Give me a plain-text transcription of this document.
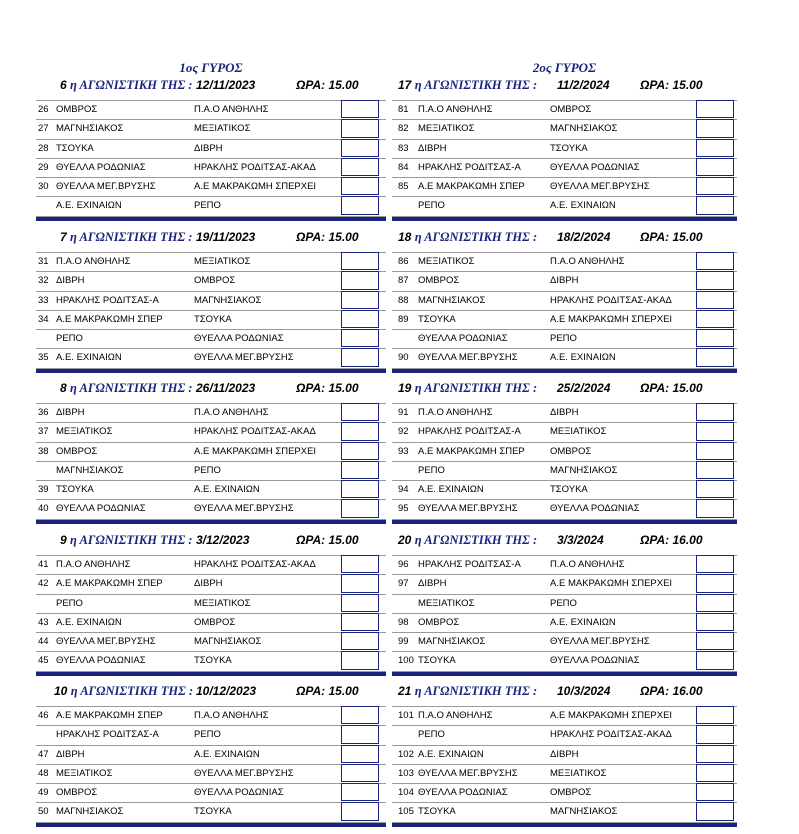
1ος ΓΥΡΟΣ
6 η ΑΓΩΝΙΣΤΙΚΗ ΤΗΣ : 12/11/2023	ΩΡΑ: 15.00
26 ΟΜΒΡΟΣ	Π.Α.Ο ΑΝΘΗΛΗΣ
27 ΜΑΓΝΗΣΙΑΚΟΣ	ΜΕΞΙΑΤΙΚΟΣ
28 ΤΣΟΥΚΑ	ΔΙΒΡΗ
29 ΘΥΕΛΛΑ ΡΟΔΩΝΙΑΣ	ΗΡΑΚΛΗΣ ΡΟΔΙΤΣΑΣ-ΑΚΑΔ
30 ΘΥΕΛΛΑ ΜΕΓ.ΒΡΥΣΗΣ	Α.Ε ΜΑΚΡΑΚΩΜΗ ΣΠΕΡΧΕΙ
Α.Ε. ΕΧΙΝΑΙΩΝ	ΡΕΠΟ
7 η ΑΓΩΝΙΣΤΙΚΗ ΤΗΣ : 19/11/2023	ΩΡΑ: 15.00
31 Π.Α.Ο ΑΝΘΗΛΗΣ	ΜΕΞΙΑΤΙΚΟΣ
32 ΔΙΒΡΗ	ΟΜΒΡΟΣ
33 ΗΡΑΚΛΗΣ ΡΟΔΙΤΣΑΣ-Α	ΜΑΓΝΗΣΙΑΚΟΣ
34 Α.Ε ΜΑΚΡΑΚΩΜΗ ΣΠΕΡ	ΤΣΟΥΚΑ
ΡΕΠΟ	ΘΥΕΛΛΑ ΡΟΔΩΝΙΑΣ
35 Α.Ε. ΕΧΙΝΑΙΩΝ	ΘΥΕΛΛΑ ΜΕΓ.ΒΡΥΣΗΣ
8 η ΑΓΩΝΙΣΤΙΚΗ ΤΗΣ : 26/11/2023	ΩΡΑ: 15.00
36 ΔΙΒΡΗ	Π.Α.Ο ΑΝΘΗΛΗΣ
37 ΜΕΞΙΑΤΙΚΟΣ	ΗΡΑΚΛΗΣ ΡΟΔΙΤΣΑΣ-ΑΚΑΔ
38 ΟΜΒΡΟΣ	Α.Ε ΜΑΚΡΑΚΩΜΗ ΣΠΕΡΧΕΙ
ΜΑΓΝΗΣΙΑΚΟΣ	ΡΕΠΟ
39 ΤΣΟΥΚΑ	Α.Ε. ΕΧΙΝΑΙΩΝ
40 ΘΥΕΛΛΑ ΡΟΔΩΝΙΑΣ	ΘΥΕΛΛΑ ΜΕΓ.ΒΡΥΣΗΣ
9 η ΑΓΩΝΙΣΤΙΚΗ ΤΗΣ : 3/12/2023	ΩΡΑ: 15.00
41 Π.Α.Ο ΑΝΘΗΛΗΣ	ΗΡΑΚΛΗΣ ΡΟΔΙΤΣΑΣ-ΑΚΑΔ
42 Α.Ε ΜΑΚΡΑΚΩΜΗ ΣΠΕΡ	ΔΙΒΡΗ
ΡΕΠΟ	ΜΕΞΙΑΤΙΚΟΣ
43 Α.Ε. ΕΧΙΝΑΙΩΝ	ΟΜΒΡΟΣ
44 ΘΥΕΛΛΑ ΜΕΓ.ΒΡΥΣΗΣ	ΜΑΓΝΗΣΙΑΚΟΣ
45 ΘΥΕΛΛΑ ΡΟΔΩΝΙΑΣ	ΤΣΟΥΚΑ
10 η ΑΓΩΝΙΣΤΙΚΗ ΤΗΣ : 10/12/2023	ΩΡΑ: 15.00
46 Α.Ε ΜΑΚΡΑΚΩΜΗ ΣΠΕΡ	Π.Α.Ο ΑΝΘΗΛΗΣ
ΗΡΑΚΛΗΣ ΡΟΔΙΤΣΑΣ-Α	ΡΕΠΟ
47 ΔΙΒΡΗ	Α.Ε. ΕΧΙΝΑΙΩΝ
48 ΜΕΞΙΑΤΙΚΟΣ	ΘΥΕΛΛΑ ΜΕΓ.ΒΡΥΣΗΣ
49 ΟΜΒΡΟΣ	ΘΥΕΛΛΑ ΡΟΔΩΝΙΑΣ
50 ΜΑΓΝΗΣΙΑΚΟΣ	ΤΣΟΥΚΑ
2ος ΓΥΡΟΣ
17 η ΑΓΩΝΙΣΤΙΚΗ ΤΗΣ : 11/2/2024	ΩΡΑ: 15.00
81 Π.Α.Ο ΑΝΘΗΛΗΣ	ΟΜΒΡΟΣ
82 ΜΕΞΙΑΤΙΚΟΣ	ΜΑΓΝΗΣΙΑΚΟΣ
83 ΔΙΒΡΗ	ΤΣΟΥΚΑ
84 ΗΡΑΚΛΗΣ ΡΟΔΙΤΣΑΣ-Α	ΘΥΕΛΛΑ ΡΟΔΩΝΙΑΣ
85 Α.Ε ΜΑΚΡΑΚΩΜΗ ΣΠΕΡ	ΘΥΕΛΛΑ ΜΕΓ.ΒΡΥΣΗΣ
ΡΕΠΟ	Α.Ε. ΕΧΙΝΑΙΩΝ
18 η ΑΓΩΝΙΣΤΙΚΗ ΤΗΣ : 18/2/2024 ΩΡΑ: 15.00
86 ΜΕΞΙΑΤΙΚΟΣ	Π.Α.Ο ΑΝΘΗΛΗΣ
87 ΟΜΒΡΟΣ	ΔΙΒΡΗ
88 ΜΑΓΝΗΣΙΑΚΟΣ	ΗΡΑΚΛΗΣ ΡΟΔΙΤΣΑΣ-ΑΚΑΔ
89 ΤΣΟΥΚΑ	Α.Ε ΜΑΚΡΑΚΩΜΗ ΣΠΕΡΧΕΙ
ΘΥΕΛΛΑ ΡΟΔΩΝΙΑΣ	ΡΕΠΟ
90 ΘΥΕΛΛΑ ΜΕΓ.ΒΡΥΣΗΣ	Α.Ε. ΕΧΙΝΑΙΩΝ
19 η ΑΓΩΝΙΣΤΙΚΗ ΤΗΣ : 25/2/2024 ΩΡΑ: 15.00
91 Π.Α.Ο ΑΝΘΗΛΗΣ	ΔΙΒΡΗ
92 ΗΡΑΚΛΗΣ ΡΟΔΙΤΣΑΣ-Α	ΜΕΞΙΑΤΙΚΟΣ
93 Α.Ε ΜΑΚΡΑΚΩΜΗ ΣΠΕΡ	ΟΜΒΡΟΣ
ΡΕΠΟ	ΜΑΓΝΗΣΙΑΚΟΣ
94 Α.Ε. ΕΧΙΝΑΙΩΝ	ΤΣΟΥΚΑ
95 ΘΥΕΛΛΑ ΜΕΓ.ΒΡΥΣΗΣ	ΘΥΕΛΛΑ ΡΟΔΩΝΙΑΣ
20 η ΑΓΩΝΙΣΤΙΚΗ ΤΗΣ : 3/3/2024	ΩΡΑ: 16.00
96 ΗΡΑΚΛΗΣ ΡΟΔΙΤΣΑΣ-Α	Π.Α.Ο ΑΝΘΗΛΗΣ
97 ΔΙΒΡΗ	Α.Ε ΜΑΚΡΑΚΩΜΗ ΣΠΕΡΧΕΙ
ΜΕΞΙΑΤΙΚΟΣ	ΡΕΠΟ
98 ΟΜΒΡΟΣ	Α.Ε. ΕΧΙΝΑΙΩΝ
99 ΜΑΓΝΗΣΙΑΚΟΣ	ΘΥΕΛΛΑ ΜΕΓ.ΒΡΥΣΗΣ
100 ΤΣΟΥΚΑ	ΘΥΕΛΛΑ ΡΟΔΩΝΙΑΣ
21 η ΑΓΩΝΙΣΤΙΚΗ ΤΗΣ : 10/3/2024 ΩΡΑ: 16.00
101 Π.Α.Ο ΑΝΘΗΛΗΣ	Α.Ε ΜΑΚΡΑΚΩΜΗ ΣΠΕΡΧΕΙ
ΡΕΠΟ	ΗΡΑΚΛΗΣ ΡΟΔΙΤΣΑΣ-ΑΚΑΔ
102 Α.Ε. ΕΧΙΝΑΙΩΝ	ΔΙΒΡΗ
103 ΘΥΕΛΛΑ ΜΕΓ.ΒΡΥΣΗΣ	ΜΕΞΙΑΤΙΚΟΣ
104 ΘΥΕΛΛΑ ΡΟΔΩΝΙΑΣ	ΟΜΒΡΟΣ
105 ΤΣΟΥΚΑ	ΜΑΓΝΗΣΙΑΚΟΣ
